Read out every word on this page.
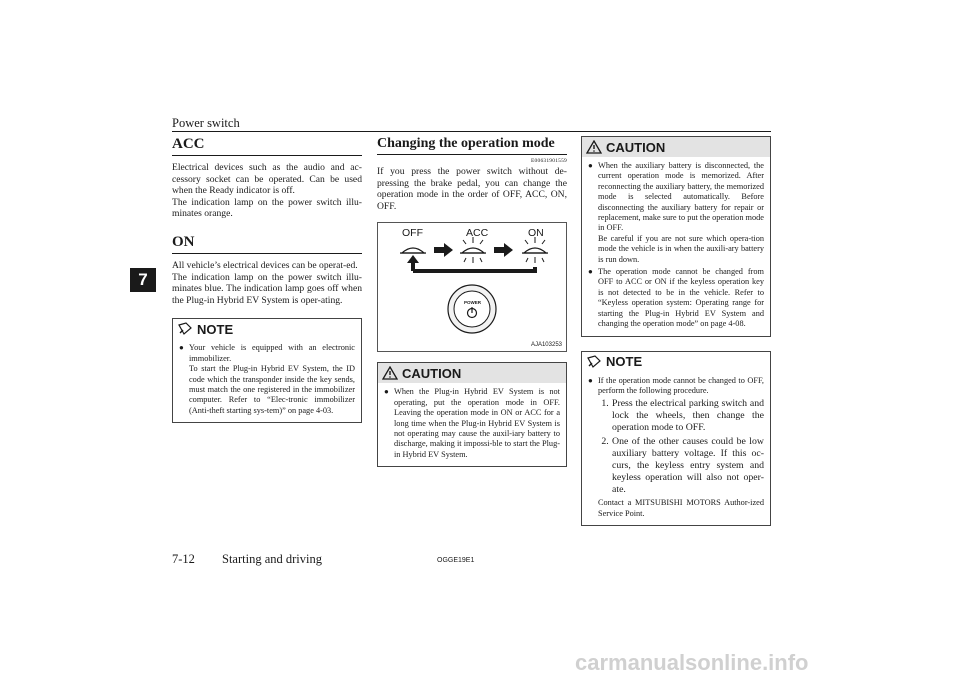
Power switch
7
ACC

Electrical devices such as the audio and ac-cessory socket can be operated. Can be used when the Ready indicator is off.

The indication lamp on the power switch illu-minates orange.

ON

All vehicle’s electrical devices can be operat-ed.

The indication lamp on the power switch illu-minates blue. The indication lamp goes off when the Plug-in Hybrid EV System is oper-ating.

NOTE
● Your vehicle is equipped with an electronic immobilizer.

To start the Plug-in Hybrid EV System, the ID code which the transponder inside the key sends, must match the one registered in the immobilizer computer. Refer to “Elec-tronic immobilizer (Anti-theft starting sys-tem)” on page 4-03.

Changing the operation mode
E00631901559

If you press the power switch without de-pressing the brake pedal, you can change the operation mode in the order of OFF, ACC, ON, OFF.

OFF	ACC	ON
POWER
AJA103253
CAUTION
● When the Plug-in Hybrid EV System is not operating, put the operation mode in OFF. Leaving the operation mode in ON or ACC for a long time when the Plug-in Hybrid EV System is not operating may cause the auxil-iary battery to discharge, making it impossi-ble to start the Plug-in Hybrid EV System.
CAUTION
● When the auxiliary battery is disconnected, the current operation mode is memorized. After reconnecting the auxiliary battery, the memorized mode is selected automatically. Before disconnecting the auxiliary battery for repair or replacement, make sure to put the operation mode in OFF.

Be careful if you are not sure which opera-tion mode the vehicle is in when the auxili-ary battery is run down.

● The operation mode cannot be changed from OFF to ACC or ON if the keyless operation key is not detected to be in the vehicle. Refer to “Keyless operation system: Operating range for starting the Plug-in Hybrid EV System and changing the operation mode” on page 4-08.
NOTE
● If the operation mode cannot be changed to OFF, perform the following procedure.

1. Press the electrical parking switch and lock the wheels, then change the operation mode to OFF.
2. One of the other causes could be low auxiliary battery voltage. If this oc-curs, the keyless entry system and keyless operation will also not oper-ate.

Contact a MITSUBISHI MOTORS Author-ized Service Point.

7-12 Starting and driving	OGGE19E1
carmanualsonline.info
